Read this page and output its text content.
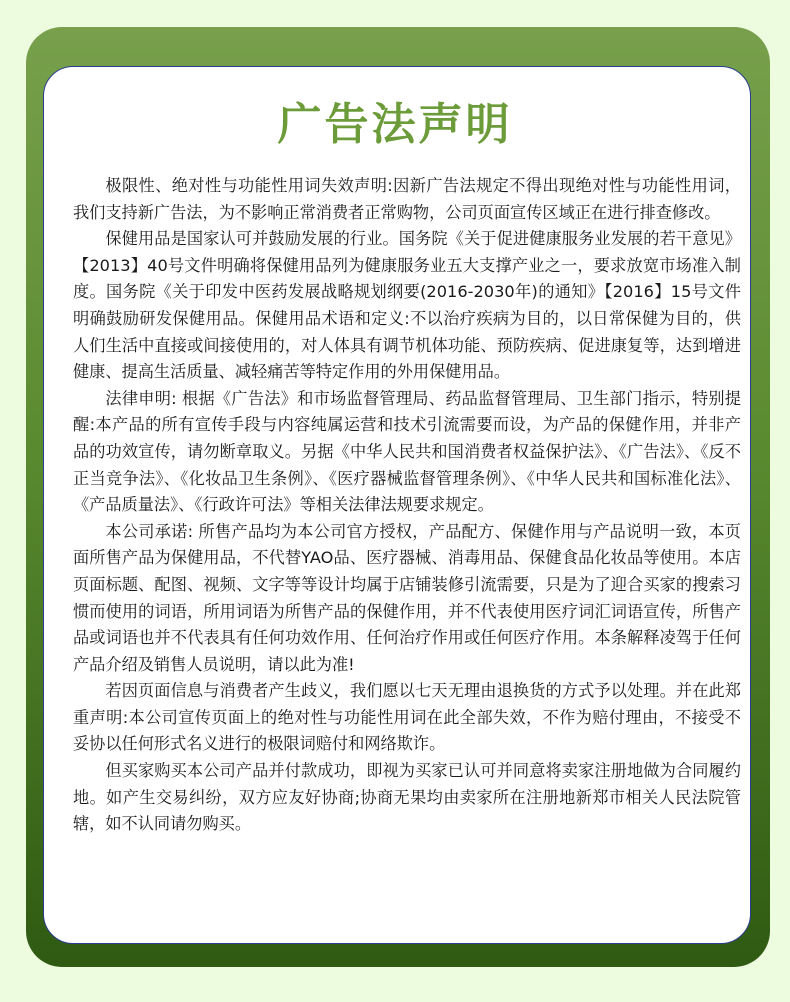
广告法声明

极限性、绝对性与功能性用词失效声明:因新广告法规定不得出现绝对性与功能性用词，我们支持新广告法，为不影响正常消费者正常购物，公司页面宣传区域正在进行排查修改。

保健用品是国家认可并鼓励发展的行业。国务院《关于促进健康服务业发展的若干意见》【2013】40号文件明确将保健用品列为健康服务业五大支撑产业之一，要求放宽市场准入制度。国务院《关于印发中医药发展战略规划纲要(2016-2030年)的通知》【2016】15号文件明确鼓励研发保健用品。保健用品术语和定义:不以治疗疾病为目的，以日常保健为目的，供人们生活中直接或间接使用的，对人体具有调节机体功能、预防疾病、促进康复等，达到增进健康、提高生活质量、减轻痛苦等特定作用的外用保健用品。

法律申明: 根据《广告法》和市场监督管理局、药品监督管理局、卫生部门指示，特别提醒:本产品的所有宣传手段与内容纯属运营和技术引流需要而设，为产品的保健作用，并非产品的功效宣传，请勿断章取义。另据《中华人民共和国消费者权益保护法》、《广告法》、《反不正当竞争法》、《化妆品卫生条例》、《医疗器械监督管理条例》、《中华人民共和国标准化法》、《产品质量法》、《行政许可法》等相关法律法规要求规定。

本公司承诺: 所售产品均为本公司官方授权，产品配方、保健作用与产品说明一致，本页面所售产品为保健用品，不代替YAO品、医疗器械、消毒用品、保健食品化妆品等使用。本店页面标题、配图、视频、文字等等设计均属于店铺装修引流需要，只是为了迎合买家的搜索习惯而使用的词语，所用词语为所售产品的保健作用，并不代表使用医疗词汇词语宣传，所售产品或词语也并不代表具有任何功效作用、任何治疗作用或任何医疗作用。本条解释凌驾于任何产品介绍及销售人员说明，请以此为准!

若因页面信息与消费者产生歧义，我们愿以七天无理由退换货的方式予以处理。并在此郑重声明:本公司宣传页面上的绝对性与功能性用词在此全部失效，不作为赔付理由，不接受不妥协以任何形式名义进行的极限词赔付和网络欺诈。

但买家购买本公司产品并付款成功，即视为买家已认可并同意将卖家注册地做为合同履约地。如产生交易纠纷，双方应友好协商;协商无果均由卖家所在注册地新郑市相关人民法院管辖，如不认同请勿购买。
